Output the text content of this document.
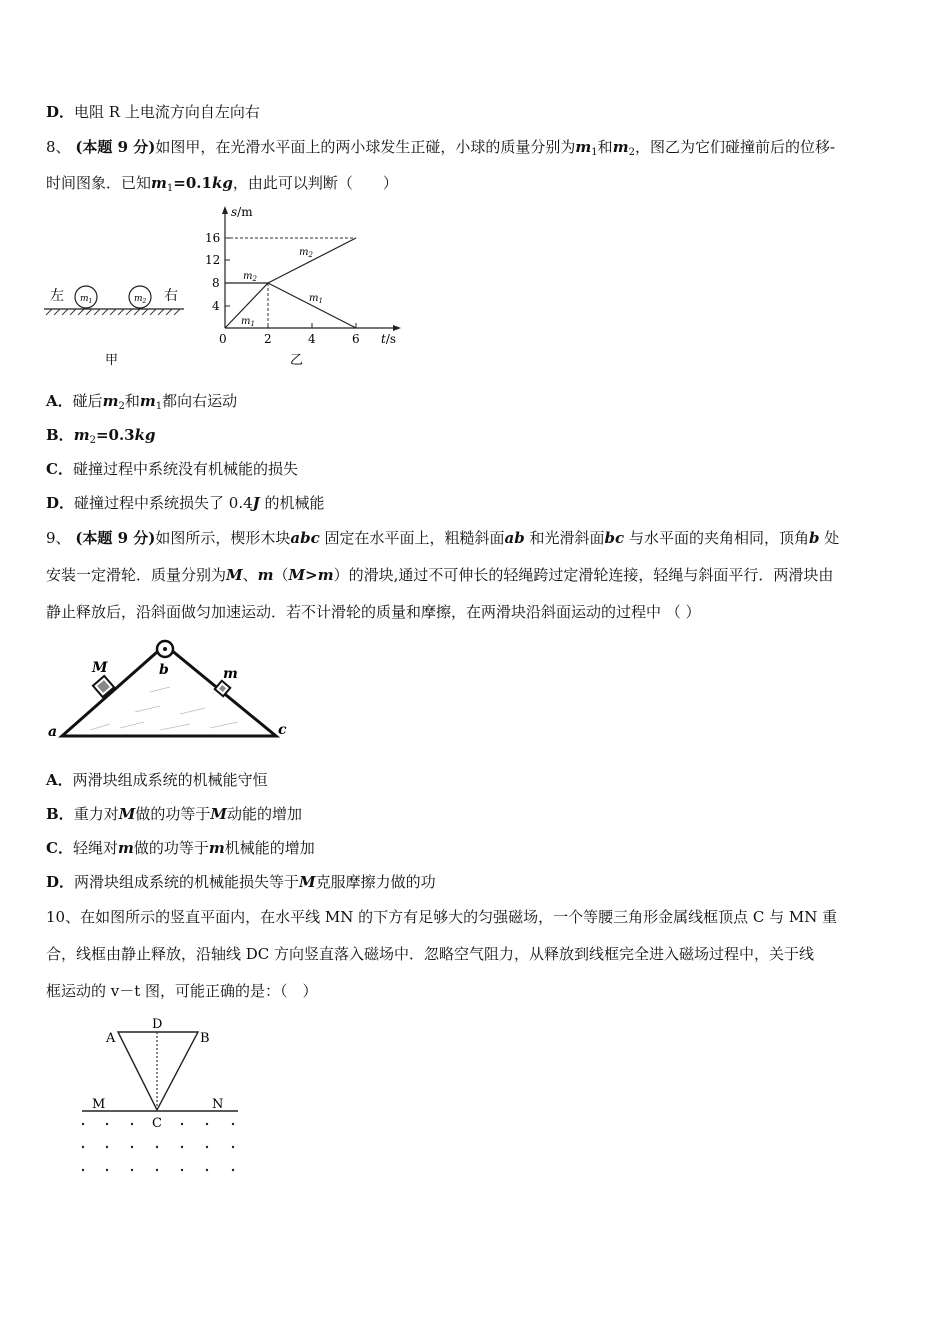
D．电阻 R 上电流方向自左向右
8、 (本题 9 分)如图甲，在光滑水平面上的两小球发生正碰，小球的质量分别为$m_1$和$m_2$，图乙为它们碰撞前后的位移-
时间图象．已知$m_1=0.1kg$，由此可以判断（　　）
左 $m_1$	$m_2$ 右
甲
s/m
t/s
16
12
8
4
0	2	4	6
$m_2$
$m_1$
$m_2$
$m_1$
乙
A．碰后$m_2$和$m_1$都向右运动
B．$m_2=0.3kg$
C．碰撞过程中系统没有机械能的损失
D．碰撞过程中系统损失了 0.4J 的机械能
9、 (本题 9 分)如图所示，楔形木块abc 固定在水平面上，粗糙斜面ab 和光滑斜面bc 与水平面的夹角相同，顶角b 处
安装一定滑轮．质量分别为M、m（M>m）的滑块,通过不可伸长的轻绳跨过定滑轮连接，轻绳与斜面平行．两滑块由
静止释放后，沿斜面做匀加速运动．若不计滑轮的质量和摩擦，在两滑块沿斜面运动的过程中 （ ）
M	m
a
b
c
A．两滑块组成系统的机械能守恒
B．重力对M做的功等于M动能的增加
C．轻绳对m做的功等于m机械能的增加
D．两滑块组成系统的机械能损失等于M克服摩擦力做的功
10、在如图所示的竖直平面内，在水平线 MN 的下方有足够大的匀强磁场，一个等腰三角形金属线框顶点 C 与 MN 重
合，线框由静止释放，沿轴线 DC 方向竖直落入磁场中．忽略空气阻力，从释放到线框完全进入磁场过程中，关于线
框运动的 v－t 图，可能正确的是：（　）
D
A	B
M	N
C
